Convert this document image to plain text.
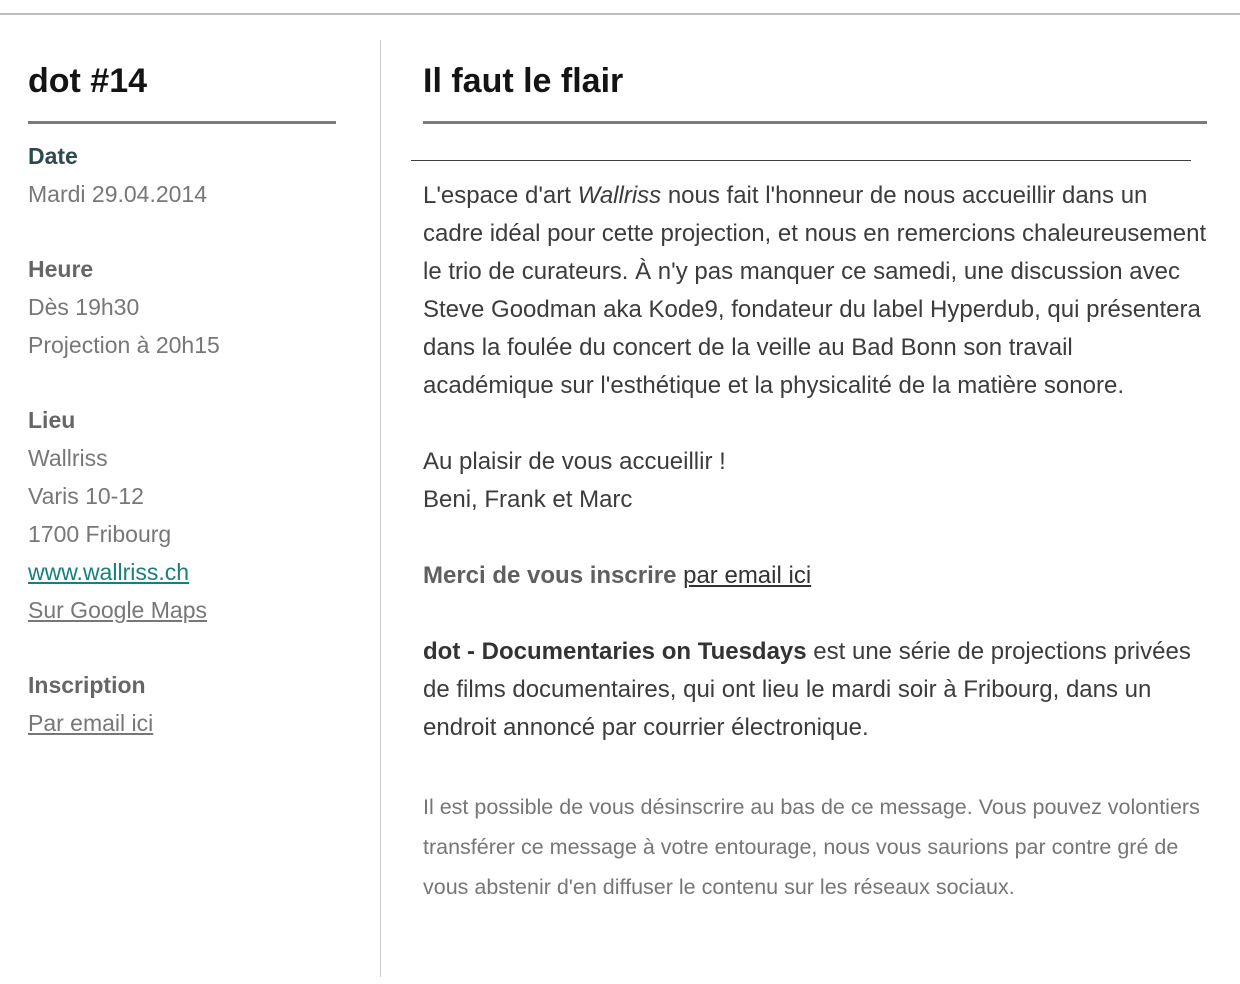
dot #14
Date
Mardi 29.04.2014
Heure
Dès 19h30
Projection à 20h15
Lieu
Wallriss
Varis 10-12
1700 Fribourg
www.wallriss.ch
Sur Google Maps
Inscription
Par email ici
Il faut le flair

L'espace d'art Wallriss nous fait l'honneur de nous accueillir dans un cadre idéal pour cette projection, et nous en remercions chaleureusement le trio de curateurs. À n'y pas manquer ce samedi, une discussion avec Steve Goodman aka Kode9, fondateur du label Hyperdub, qui présentera dans la foulée du concert de la veille au Bad Bonn son travail académique sur l'esthétique et la physicalité de la matière sonore.

Au plaisir de vous accueillir !
Beni, Frank et Marc

Merci de vous inscrire par email ici

dot - Documentaries on Tuesdays est une série de projections privées de films documentaires, qui ont lieu le mardi soir à Fribourg, dans un endroit annoncé par courrier électronique.

Il est possible de vous désinscrire au bas de ce message. Vous pouvez volontiers transférer ce message à votre entourage, nous vous saurions par contre gré de vous abstenir d'en diffuser le contenu sur les réseaux sociaux.
